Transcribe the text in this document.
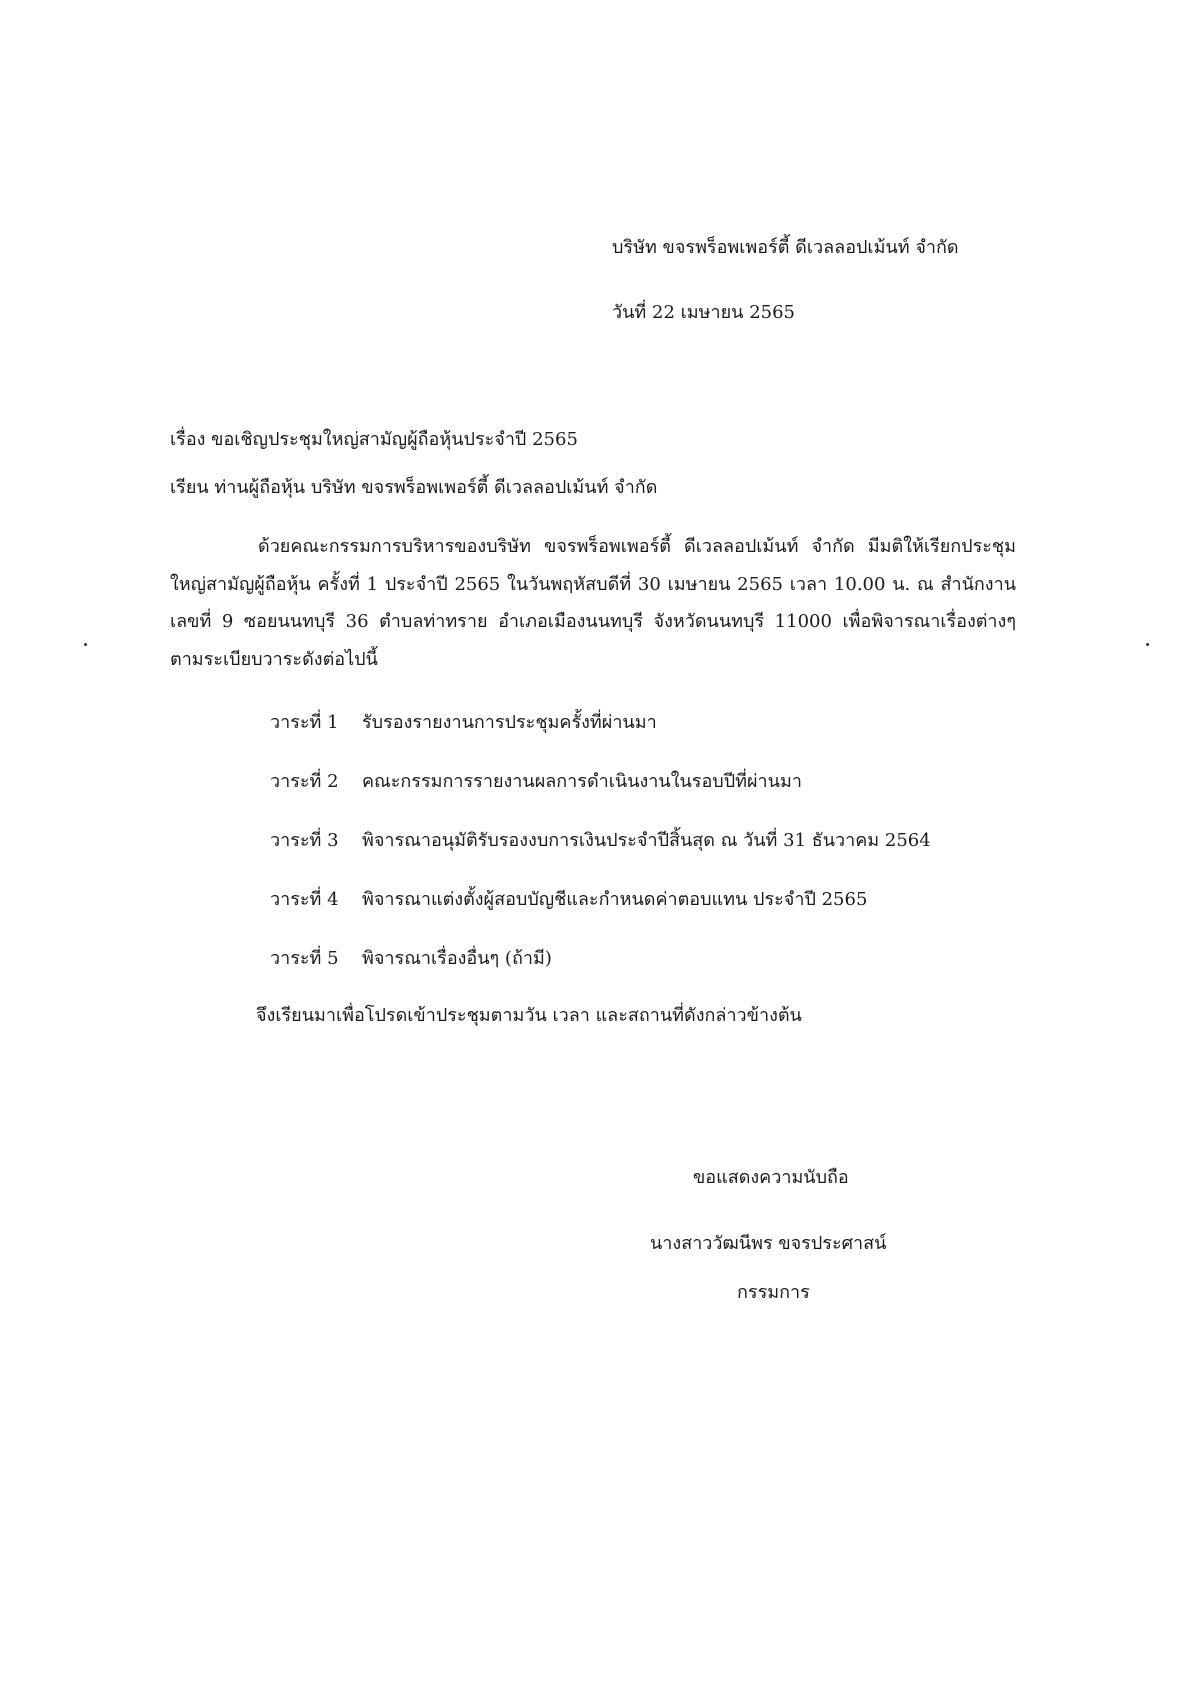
บริษัท ขจรพร็อพเพอร์ตี้ ดีเวลลอปเม้นท์ จำกัด
วันที่ 22 เมษายน 2565
เรื่อง ขอเชิญประชุมใหญ่สามัญผู้ถือหุ้นประจำปี 2565
เรียน ท่านผู้ถือหุ้น บริษัท ขจรพร็อพเพอร์ตี้ ดีเวลลอปเม้นท์ จำกัด
ด้วยคณะกรรมการบริหารของบริษัท ขจรพร็อพเพอร์ตี้ ดีเวลลอปเม้นท์ จำกัด มีมติให้เรียกประชุมใหญ่สามัญผู้ถือหุ้น ครั้งที่ 1 ประจำปี 2565 ในวันพฤหัสบดีที่ 30 เมษายน 2565 เวลา 10.00 น. ณ สำนักงานเลขที่ 9 ซอยนนทบุรี 36 ตำบลท่าทราย อำเภอเมืองนนทบุรี จังหวัดนนทบุรี 11000 เพื่อพิจารณาเรื่องต่างๆ ตามระเบียบวาระดังต่อไปนี้
วาระที่ 1	รับรองรายงานการประชุมครั้งที่ผ่านมา
วาระที่ 2	คณะกรรมการรายงานผลการดำเนินงานในรอบปีที่ผ่านมา
วาระที่ 3	พิจารณาอนุมัติรับรองงบการเงินประจำปีสิ้นสุด ณ วันที่ 31 ธันวาคม 2564
วาระที่ 4	พิจารณาแต่งตั้งผู้สอบบัญชีและกำหนดค่าตอบแทน ประจำปี 2565
วาระที่ 5	พิจารณาเรื่องอื่นๆ (ถ้ามี)
จึงเรียนมาเพื่อโปรดเข้าประชุมตามวัน เวลา และสถานที่ดังกล่าวข้างต้น
ขอแสดงความนับถือ
นางสาววัฒนีพร ขจรประศาสน์
กรรมการ
